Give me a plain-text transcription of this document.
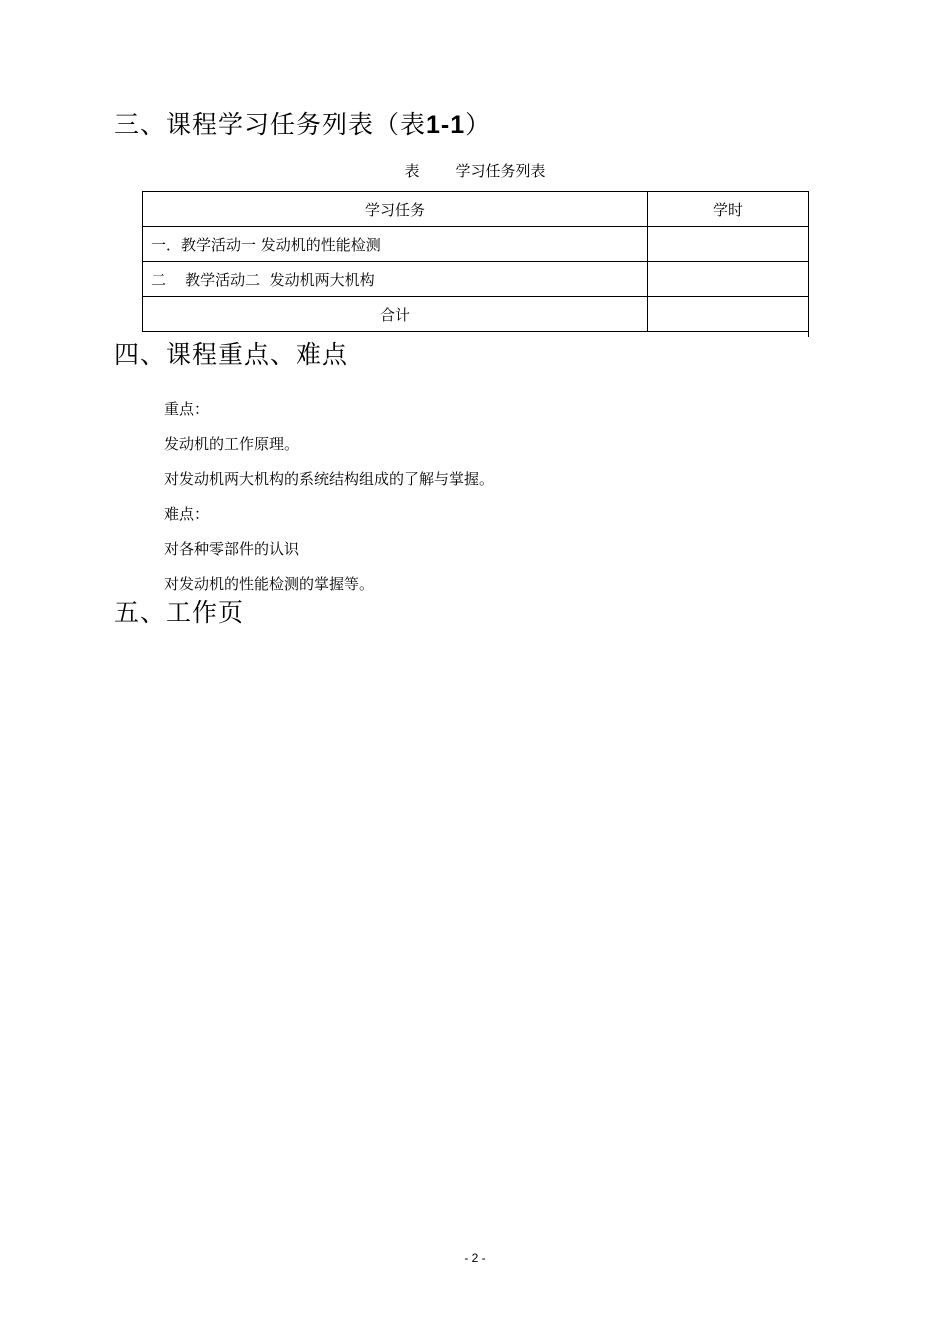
三、课程学习任务列表（表1-1）
表 学习任务列表
学习任务	学时
一．教学活动一 发动机的性能检测	
二    教学活动二  发动机两大机构	
合计	
四、课程重点、难点
重点：
发动机的工作原理。
对发动机两大机构的系统结构组成的了解与掌握。
难点：
对各种零部件的认识
对发动机的性能检测的掌握等。
五、工作页
- 2 -
